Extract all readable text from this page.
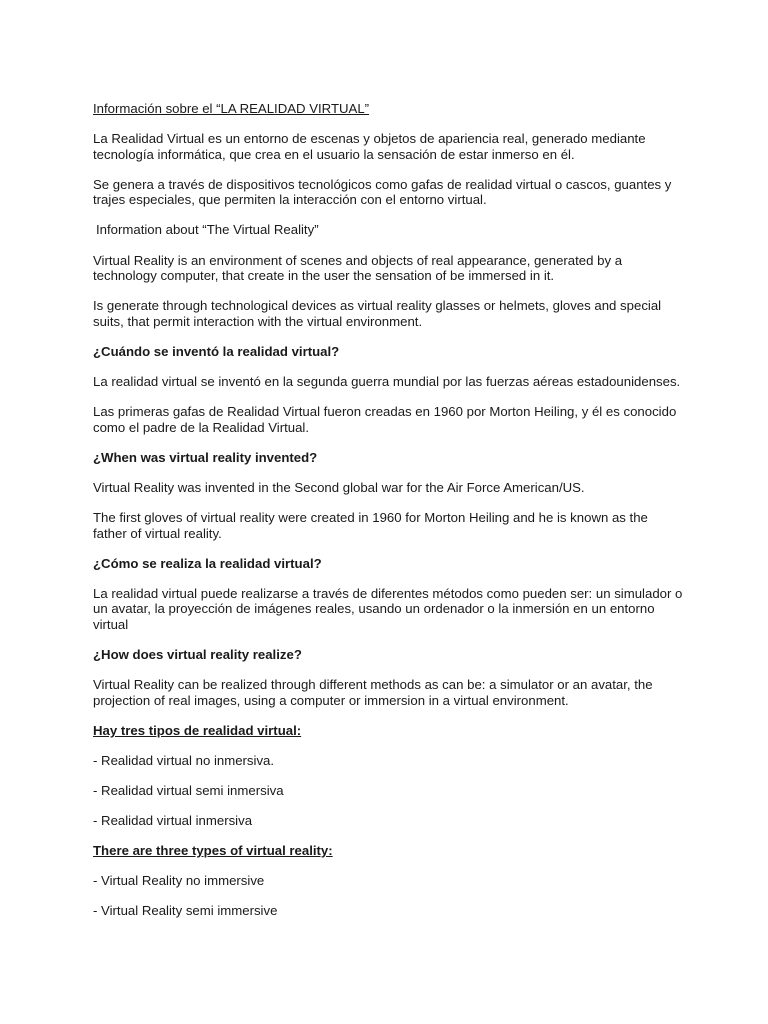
Información sobre el “LA REALIDAD VIRTUAL”

La Realidad Virtual es un entorno de escenas y objetos de apariencia real, generado mediante tecnología informática, que crea en el usuario la sensación de estar inmerso en él.

Se genera a través de dispositivos tecnológicos como gafas de realidad virtual o cascos, guantes y trajes especiales, que permiten la interacción con el entorno virtual.

Information about “The Virtual Reality”

Virtual Reality is an environment of scenes and objects of real appearance, generated by a technology computer, that create in the user the sensation of be immersed in it.

Is generate through technological devices as virtual reality glasses or helmets, gloves and special suits, that permit interaction with the virtual environment.

¿Cuándo se inventó la realidad virtual?

La realidad virtual se inventó en la segunda guerra mundial por las fuerzas aéreas estadounidenses.

Las primeras gafas de Realidad Virtual fueron creadas en 1960 por Morton Heiling, y él es conocido como el padre de la Realidad Virtual.

¿When was virtual reality invented?

Virtual Reality was invented in the Second global war for the Air Force American/US.

The first gloves of virtual reality were created in 1960 for Morton Heiling and he is known as the father of virtual reality.

¿Cómo se realiza la realidad virtual?

La realidad virtual puede realizarse a través de diferentes métodos como pueden ser: un simulador o un avatar, la proyección de imágenes reales, usando un ordenador o la inmersión en un entorno virtual

¿How does virtual reality realize?

Virtual Reality can be realized through different methods as can be: a simulator or an avatar, the projection of real images, using a computer or immersion in a virtual environment.

Hay tres tipos de realidad virtual:

- Realidad virtual no inmersiva.

- Realidad virtual semi inmersiva

- Realidad virtual inmersiva

There are three types of virtual reality:

- Virtual Reality no immersive

- Virtual Reality semi immersive
